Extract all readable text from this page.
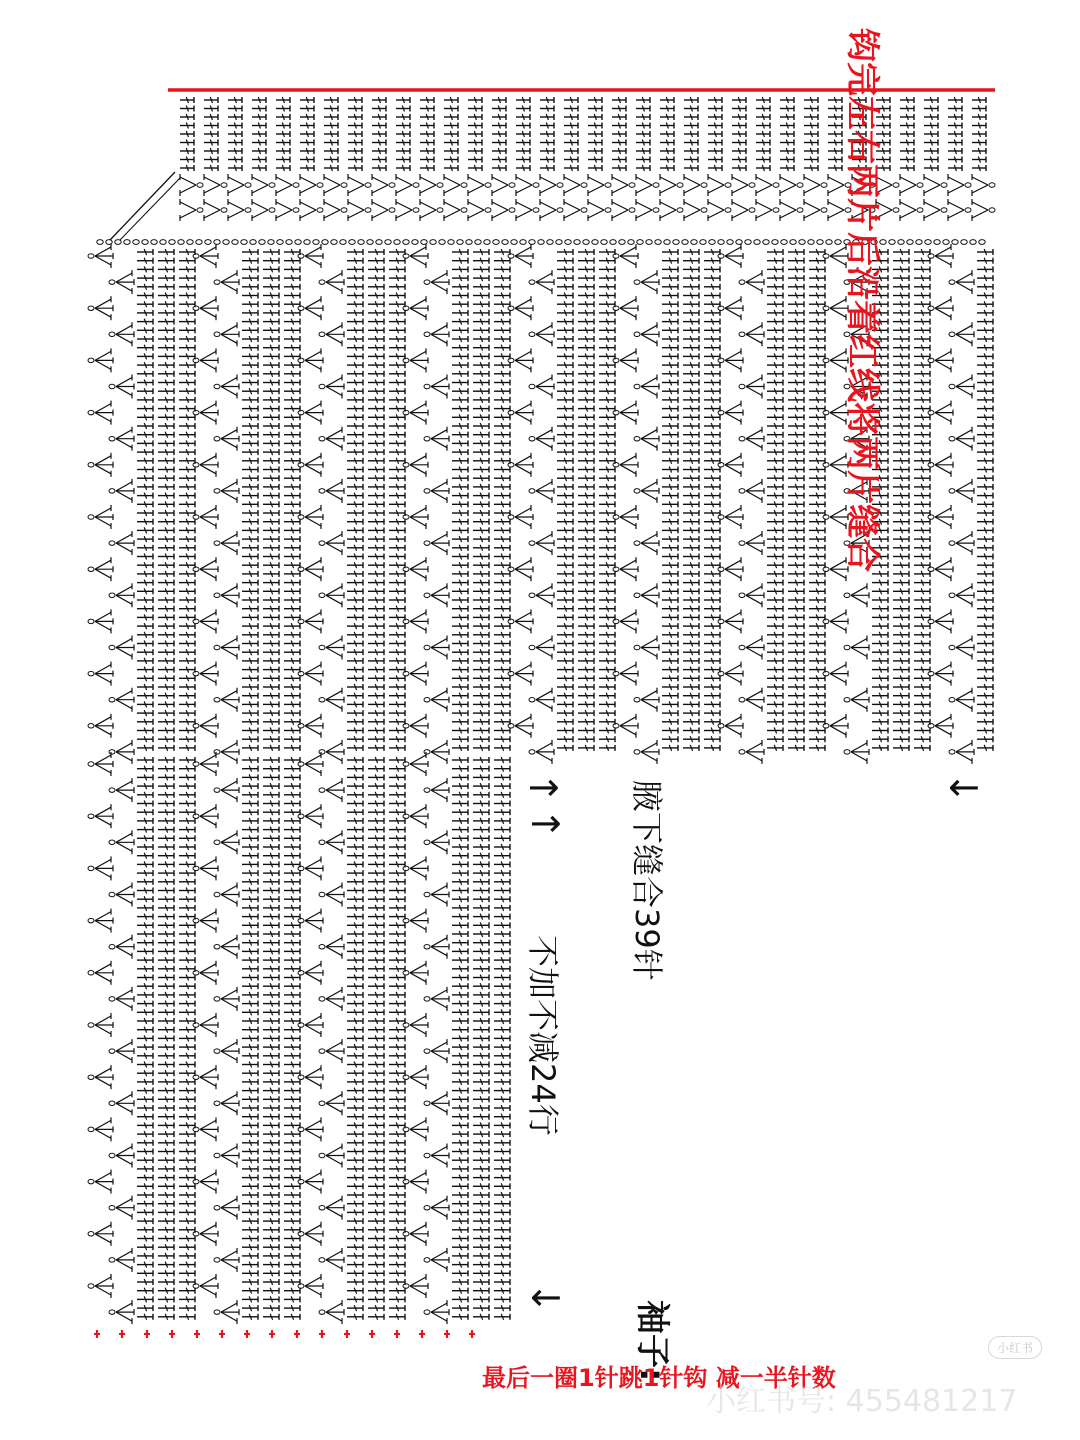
钩完左右两片后沿着红线将两片缝合
腋下缝合39针
↑	↓
不加不减24行
↑
↓
袖子:
最后一圈1针跳1针钩 减一半针数
小红书号: 455481217
小红书
